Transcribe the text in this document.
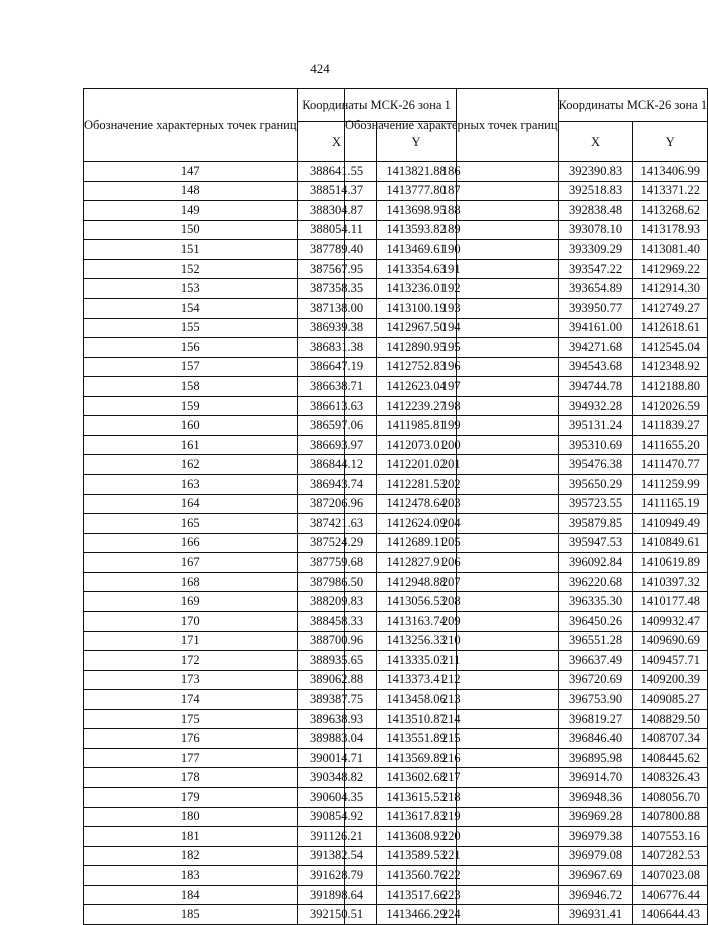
424
Обозначение характерных точек границ	Координаты МСК-26 зона 1	
	X	Y
147	388641.55	1413821.88
148	388514.37	1413777.80
149	388304.87	1413698.95
150	388054.11	1413593.82
151	387789.40	1413469.61
152	387567.95	1413354.63
153	387358.35	1413236.01
154	387138.00	1413100.19
155	386939.38	1412967.50
156	386831.38	1412890.95
157	386647.19	1412752.83
158	386638.71	1412623.04
159	386613.63	1412239.27
160	386597.06	1411985.81
161	386693.97	1412073.01
162	386844.12	1412201.02
163	386943.74	1412281.53
164	387206.96	1412478.64
165	387421.63	1412624.09
166	387524.29	1412689.11
167	387759.68	1412827.91
168	387986.50	1412948.88
169	388209.83	1413056.53
170	388458.33	1413163.74
171	388700.96	1413256.33
172	388935.65	1413335.03
173	389062.88	1413373.41
174	389387.75	1413458.06
175	389638.93	1413510.87
176	389883.04	1413551.89
177	390014.71	1413569.89
178	390348.82	1413602.68
179	390604.35	1413615.53
180	390854.92	1413617.83
181	391126.21	1413608.93
182	391382.54	1413589.53
183	391628.79	1413560.76
184	391898.64	1413517.66
185	392150.51	1413466.29
Обозначение характерных точек границ	Координаты МСК-26 зона 1	
	X	Y
186	392390.83	1413406.99
187	392518.83	1413371.22
188	392838.48	1413268.62
189	393078.10	1413178.93
190	393309.29	1413081.40
191	393547.22	1412969.22
192	393654.89	1412914.30
193	393950.77	1412749.27
194	394161.00	1412618.61
195	394271.68	1412545.04
196	394543.68	1412348.92
197	394744.78	1412188.80
198	394932.28	1412026.59
199	395131.24	1411839.27
200	395310.69	1411655.20
201	395476.38	1411470.77
202	395650.29	1411259.99
203	395723.55	1411165.19
204	395879.85	1410949.49
205	395947.53	1410849.61
206	396092.84	1410619.89
207	396220.68	1410397.32
208	396335.30	1410177.48
209	396450.26	1409932.47
210	396551.28	1409690.69
211	396637.49	1409457.71
212	396720.69	1409200.39
213	396753.90	1409085.27
214	396819.27	1408829.50
215	396846.40	1408707.34
216	396895.98	1408445.62
217	396914.70	1408326.43
218	396948.36	1408056.70
219	396969.28	1407800.88
220	396979.38	1407553.16
221	396979.08	1407282.53
222	396967.69	1407023.08
223	396946.72	1406776.44
224	396931.41	1406644.43
